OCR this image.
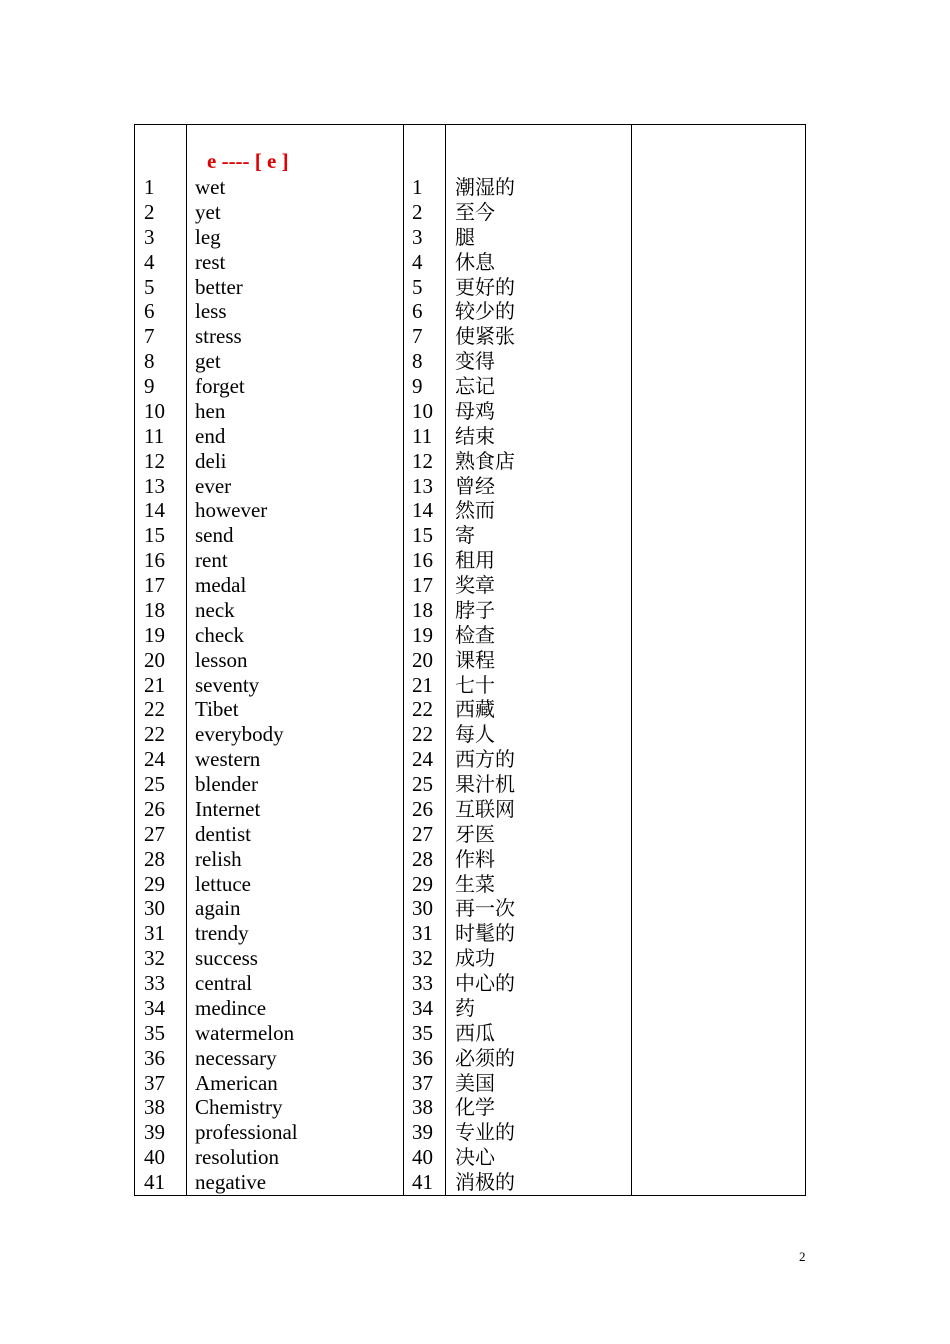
1
2
3
4
5
6
7
8
9
10
11
12
13
14
15
16
17
18
19
20
21
22
22
24
25
26
27
28
29
30
31
32
33
34
35
36
37
38
39
40
41
e ---- [ e ]
wet
yet
leg
rest
better
less
stress
get
forget
hen
end
deli
ever
however
send
rent
medal
neck
check
lesson
seventy
Tibet
everybody
western
blender
Internet
dentist
relish
lettuce
again
trendy
success
central
medince
watermelon
necessary
American
Chemistry
professional
resolution
negative
1
2
3
4
5
6
7
8
9
10
11
12
13
14
15
16
17
18
19
20
21
22
22
24
25
26
27
28
29
30
31
32
33
34
35
36
37
38
39
40
41
潮湿的
至今
腿
休息
更好的
较少的
使紧张
变得
忘记
母鸡
结束
熟食店
曾经
然而
寄
租用
奖章
脖子
检查
课程
七十
西藏
每人
西方的
果汁机
互联网
牙医
作料
生菜
再一次
时髦的
成功
中心的
药
西瓜
必须的
美国
化学
专业的
决心
消极的
2
